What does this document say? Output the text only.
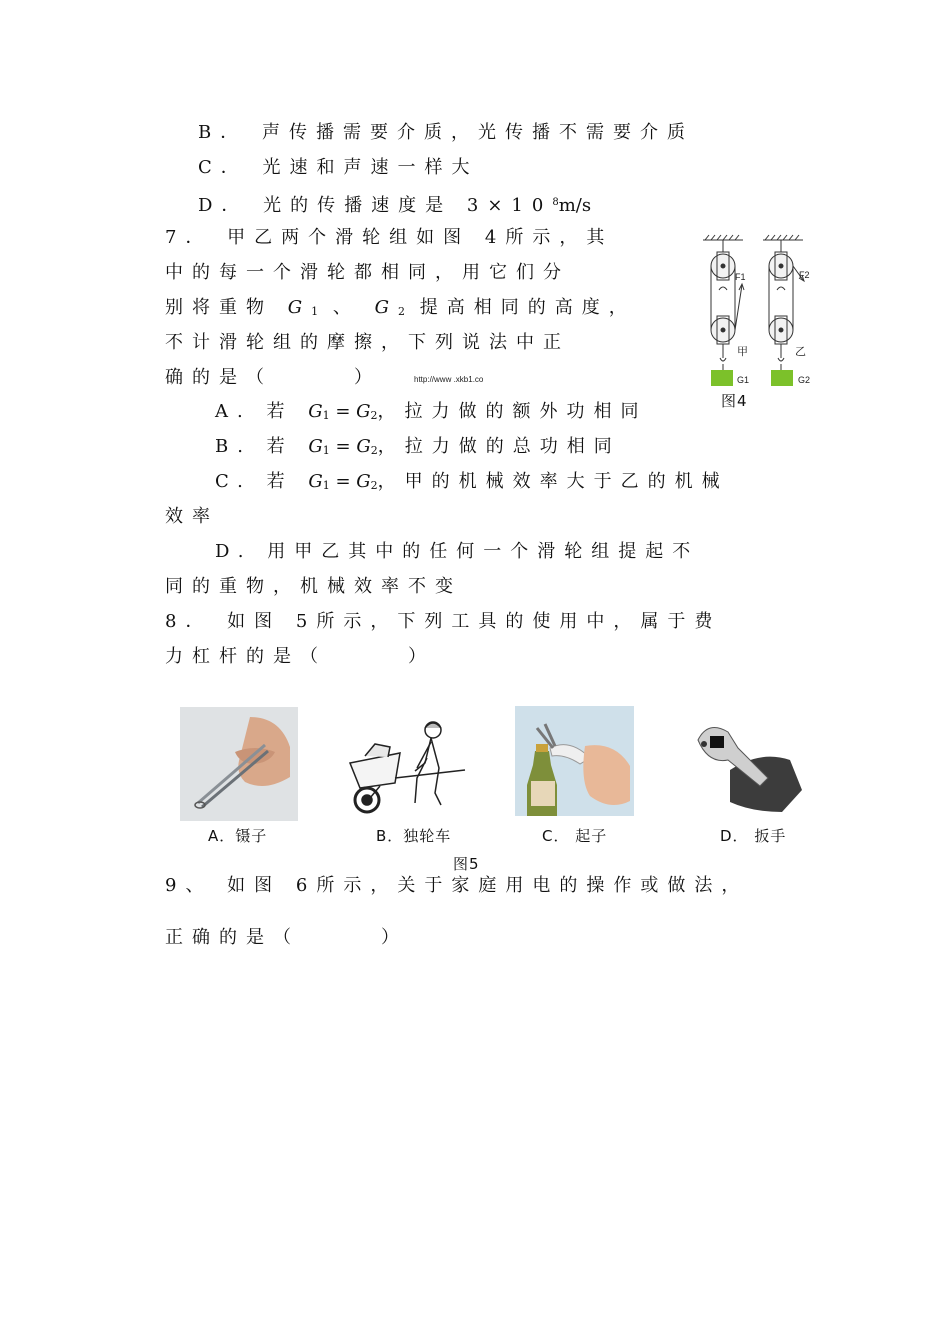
B． 声传播需要介质，光传播不需要介质
C． 光速和声速一样大
D． 光的传播速度是 $3\times 10^8m/s$
7． 甲乙两个滑轮组如图 4所示，其
中的每一个滑轮都相同，用它们分
别将重物 $G_1$ 、 $G_2$ 提高相同的高度，
不计滑轮组的摩擦，下列说法中正
确的是（　　　）	http://www .xkb1.co
A. 若 $G_1 = G_2$，拉力做的额外功相同
B. 若 $G_1 = G_2$，拉力做的总功相同
C. 若 $G_1 = G_2$，甲的机械效率大于乙的机械
效率
D. 用甲乙其中的任何一个滑轮组提起不
同的重物，机械效率不变
F1	F2
甲	乙
G1	G2
图4
8． 如图 5所示，下列工具的使用中，属于费
力杠杆的是（　　　）
A．镊子	B．独轮车	C． 起子	D． 扳手
图5
9、 如图 6所示，关于家庭用电的操作或做法，
正确的是（　　　）
